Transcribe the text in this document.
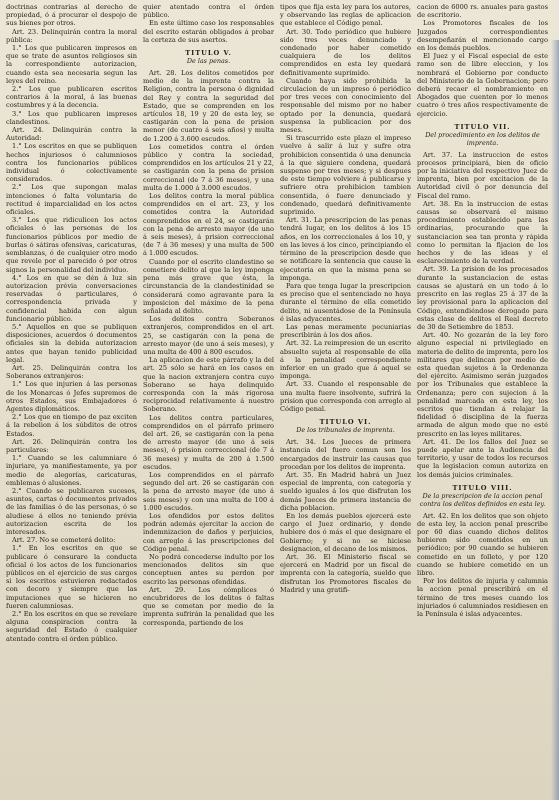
doctrinas contrarias al derecho de propiedad, ó á procurar el despojo de sus bienes por otros.

Art. 23. Delinquirán contra la moral pública:

1.° Los que publicaren impresos en que se trate de asuntos religiosos sin la correspondiente autorizacion, cuando esta sea necesaria segun las leyes del reino.

2.° Los que publicaren escritos contrarios á la moral, á las buenas costumbres y á la decencia.

3.° Los que publicaren impresos clandestinos.

Art. 24. Delinquirán contra la Autoridad:

1.° Los escritos en que se publiquen hechos injuriosos ó calumniosos contra los funcionarios públicos individual ó colectivamente considerados.

2.° Los que supongan malas intenciones ó falta voluntaria de rectitud é imparcialidad en los actos oficiales.

3.° Los que ridiculicen los actos oficiales ó las personas de los funcionarios públicos por medio de burlas ó sátiras ofensivas, caricaturas, semblanzas, ó de cualquier otro modo que revele por el parecido ó por otros signos la personalidad del individuo.

4.° Los en que se dén á luz sin autorizacion prévia conversaciones reservadas ó particulares, ó correspondencia privada y confidencial habida con algun funcionario público.

5.° Aquellos en que se publiquen disposiciones, acuerdos ó documentos oficiales sin la debida autorizacion antes que hayan tenido publicidad legal.

Art. 25. Delinquirán contra los Soberanos extranjeros:

1.° Los que injurien á las personas de los Monarcas ó Jefes supremos de otros Estados, sus Embajadores ó Agentes diplomáticos.

2.° Los que en tiempo de paz exciten á la rebelion á los súbditos de otros Estados.

Art. 26. Delinquirán contra los particulares:

1.° Cuando se les calumniare ó injuriare, ya manifiestamente, ya por medio de alegorías, caricaturas, emblemas ó alusiones.

2.° Cuando se publicaren sucesos, asuntos, cartas ó documentos privados de las familias ó de las personas, ó se aludiese á ellos no teniendo prévia autorizacion escrita de los interesados.

Art. 27. No se cometerá delito:

1.° En los escritos en que se publicare ó censurare la conducta oficial ó los actos de los funcionarios públicos en el ejercicio de sus cargos si los escritos estuvieren redactados con decoro y siempre que las imputaciones que se hicieren no fueren calumniosas.

2.° En los escritos en que se revelare alguna conspiracion contra la seguridad del Estado ó cualquier atentado contra el órden público.

quier atentado contra el órden público.

En este último caso los responsables del escrito estarán obligados á probar la certeza de sus asertos.

TITULO V.
De las penas.

Art. 28. Los delitos cometidos por medio de la imprenta contra la Religion, contra la persona ó dignidad del Rey y contra la seguridad del Estado, que se comprenden en los artículos 18, 19 y 20 de esta ley, se castigarán con la pena de prision menor (de cuatro á seis años) y multa de 1.200 á 3.600 escudos.

Los cometidos contra el órden público y contra la sociedad, comprendidos en los artículos 21 y 22, se castigarán con la pena de prision correccional (de 7 á 36 meses), y una multa de 1.000 á 3.000 escudos.

Los delitos contra la moral pública comprendidos en el art. 23, y los cometidos contra la Autoridad comprendidos en el 24, se castigarán con la pena de arresto mayor (de uno á seis meses), á prision correccional (de 7 á 36 meses) y una multa de 500 á 1.000 escudos.

Cuando por el escrito clandestino se cometiere delito al que la ley imponga pena más grave que ésta, la circunstancia de la clandestinidad se considerará como agravante para la imposicion del máximo de la pena señalada al delito.

Los delitos contra Soberanos extranjeros, comprendidos en el art. 25, se castigarán con la pena de arresto mayor (de uno á seis meses), y una multa de 400 á 800 escudos.

La aplicacion de este párrafo y la del art. 25 sólo se hará en los casos en que la nacion extranjera contra cuyo Soberano se haya delinquido corresponda con la más rigorosa reciprocidad relativamente á nuestro Soberano.

Los delitos contra particulares, comprendidos en el párrafo primero del art. 26, se castigarán con la pena de arresto mayor (de uno á seis meses), ó prision correccional (de 7 á 36 meses) y multa de 200 á 1.500 escudos.

Los comprendidos en el párrafo segundo del art. 26 se castigarán con la pena de arresto mayor (de uno á seis meses) y con una multa de 100 á 1.000 escudos.

Los ofendidos por estos delitos podrán además ejercitar la accion de indemnizacion de daños y perjuicios, con arreglo á las prescripciones del Código penal.

No podrá concederse indulto por los mencionados delitos sin que conceptuen antes su perdon por escrito las personas ofendidas.

Art. 29. Los cómplices ó encubridores de los delitos ó faltas que se cometan por medio de la imprenta sufrirán la penalidad que les corresponda, partiendo de los

tipos que fija esta ley para los autores, y observando las reglas de aplicacion que establece el Código penal.

Art. 30. Todo periódico que hubiere sido tres veces denunciado y condenado por haber cometido cualquiera de los delitos comprendidos en esta ley quedará definitivamente suprimido.

Cuando haya sido prohibida la circulacion de un impreso ó periódico por tres veces con conocimiento del responsable del mismo por no haber optado por la denuncia, quedará suspensa la publicacion por dos meses.

Si trascurrido este plazo el impreso vuelve á salir á luz y sufre otra prohibicion consentida ó una denuncia á la que siguiere condena, quedará suspenso por tres meses; y si despues de este tiempo volviere á publicarse y sufriere otra prohibicion tambien consentida, ó fuere denunciado y condenado, quedará definitivamente suprimido.

Art. 31. La prescripcion de las penas tendrá lugar, en los delitos á los 15 años, en los correccionales á los 10, y en las leves á los cinco, principiando el término de la prescripcion desde que se notificare la sentencia que cause la ejecutoria en que la misma pena se imponga.

Para que tenga lugar la prescripcion es preciso que el sentenciado no haya durante el término de ella cometido delito, ni ausentádose de la Península é islas adyacentes.

Las penas meramente pecuniarias prescribirán á los dos años.

Art. 32. La reimpresion de un escrito absuelto sujeta al responsable de ella á la penalidad correspondiente inferior en un grado que á aquel se imponga.

Art. 33. Cuando el responsable de una multa fuere insolvente, sufrirá la prision que corresponda con arreglo al Código penal.

TITULO VI.
De los tribunales de imprenta.

Art. 34. Los Jueces de primera instancia del fuero comun son los encargados de instruir las causas que procedan por los delitos de imprenta.

Art. 35. En Madrid habrá un Juez especial de imprenta, con categoría y sueldo iguales á los que disfrutan los demás Jueces de primera instancia de dicha poblacion.

En los demás pueblos ejercerá este cargo el Juez ordinario, y donde hubiere dos ó más el que designare el Gobierno; y si no se hiciese designacion, el decano de los mismos.

Art. 36. El Ministerio fiscal se ejercerá en Madrid por un fiscal de imprenta con la categoría, sueldo que disfrutan los Promotores fiscales de Madrid y una gratifi-

cacion de 6000 rs. anuales para gastos de escritorio.

Los Promotores fiscales de los Juzgados correspondientes desempeñarán el mencionado cargo en los demás pueblos.

El Juez y el Fiscal especial de este ramo son de libre eleccion, y los nombrará el Gobierno por conducto del Ministerio de la Gobernacion; pero deberá recaer el nombramiento en Abogados que cuenten por lo menos cuatro ó tres años respectivamente de ejercicio.

TITULO VII.
Del procedimiento en los delitos de imprenta.

Art. 37. La instruccion de estos procesos principiará, bien de oficio por la iniciativa del respectivo Juez de imprenta, bien por excitacion de la Autoridad civil ó por denuncia del Fiscal del ramo.

Art. 38. En la instruccion de estas causas se observará el mismo procedimiento establecido para las ordinarias, procurando que la sustanciacion sea tan pronta y rápida como lo permitan la fijacion de los hechos y de las ideas y el esclarecimiento de la verdad.

Art. 39. La prision de los procesados durante la sustanciacion de estas causas se ajustará en un todo á lo prescrito en las reglas 25 á 37 de la ley provisional para la aplicacion del Código, entendiéndose derogado para estas clase de delitos el Real decreto de 30 de Setiembre de 1853.

Art. 40. No gozarán de la ley foro alguno especial ni privilegiado en materia de delito de imprenta, pero los militares que delincan por medio de esta quedan sujetos á la Ordenanza del ejército. Asimismo serán juzgados por los Tribunales que establece la Ordenanza; pero con sujecion á la penalidad marcada en esta ley, los escritos que tiendan á relajar la fidelidad ó disciplina de la fuerza armada de algun modo que no esté prescrito en las leyes militares.

Art. 41. De los fallos del Juez se puede apelar ante la Audiencia del territorio, y usar de todos los recursos que la legislacion comun autoriza en los demás juicios criminales.

TITULO VIII.
De la prescripcion de la accion penal contra los delitos definidos en esta ley.

Art. 42. En los delitos que son objeto de esta ley, la accion penal prescribe por 60 dias cuando dichos delitos hubieren sido cometidos en un periódico; por 90 cuando se hubieren cometido en un folleto, y por 120 cuando se hubiere cometido en un libro.

Por los delitos de injuria y calumnia la accion penal prescribirá en el término de tres meses cuando los injuriados ó calumniados residiesen en la Península é islas adyacentes.
